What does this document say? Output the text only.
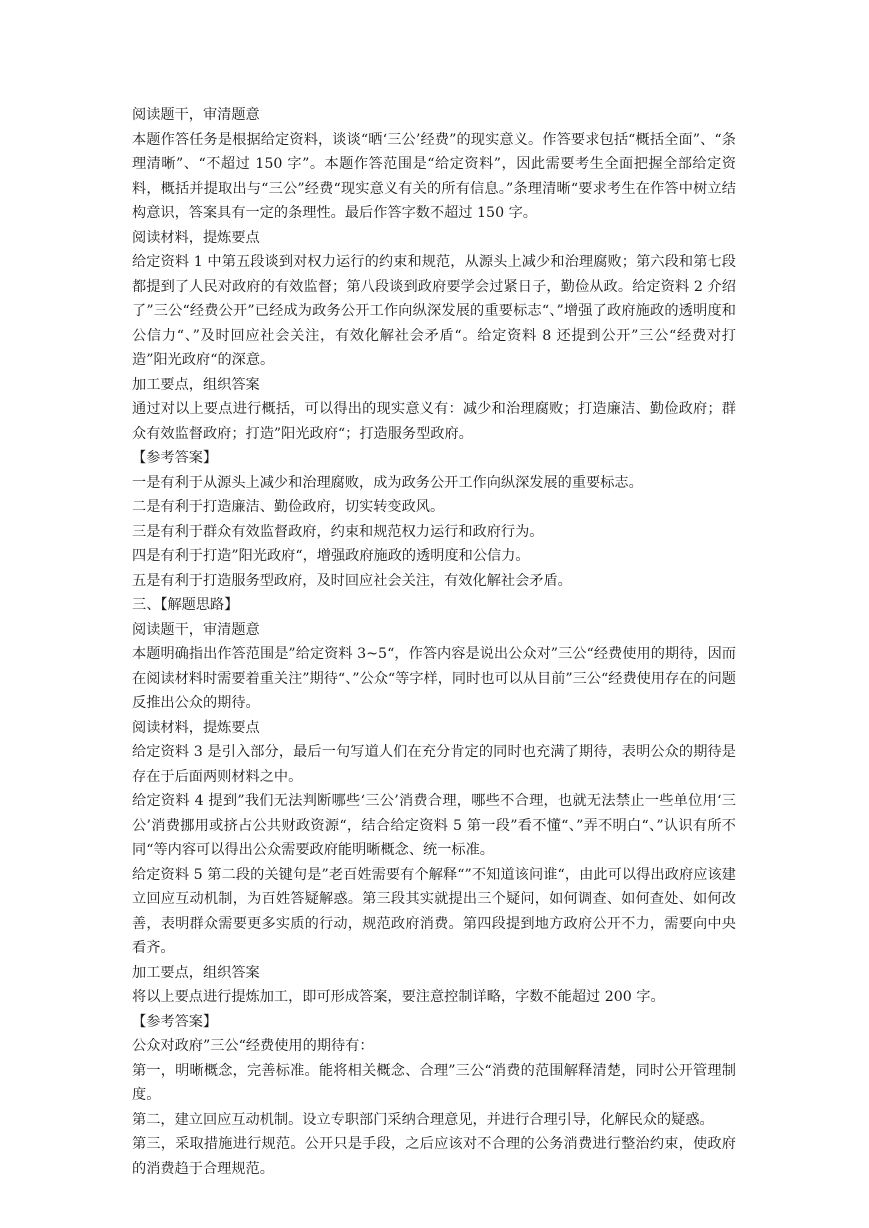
阅读题干，审清题意

本题作答任务是根据给定资料，谈谈“晒‘三公’经费”的现实意义。作答要求包括“概括全面”、“条理清晰”、“不超过 150 字”。本题作答范围是“给定资料”，因此需要考生全面把握全部给定资料，概括并提取出与“三公”经费“现实意义有关的所有信息。”条理清晰“要求考生在作答中树立结构意识，答案具有一定的条理性。最后作答字数不超过 150 字。

阅读材料，提炼要点

给定资料 1 中第五段谈到对权力运行的约束和规范，从源头上减少和治理腐败；第六段和第七段都提到了人民对政府的有效监督；第八段谈到政府要学会过紧日子，勤俭从政。给定资料 2 介绍了”三公“经费公开”已经成为政务公开工作向纵深发展的重要标志“、”增强了政府施政的透明度和公信力“、”及时回应社会关注，有效化解社会矛盾“。给定资料 8 还提到公开”三公“经费对打造”阳光政府“的深意。

加工要点，组织答案

通过对以上要点进行概括，可以得出的现实意义有：减少和治理腐败；打造廉洁、勤俭政府；群众有效监督政府；打造”阳光政府“；打造服务型政府。

【参考答案】

一是有利于从源头上减少和治理腐败，成为政务公开工作向纵深发展的重要标志。

二是有利于打造廉洁、勤俭政府，切实转变政风。

三是有利于群众有效监督政府，约束和规范权力运行和政府行为。

四是有利于打造”阳光政府“，增强政府施政的透明度和公信力。

五是有利于打造服务型政府，及时回应社会关注，有效化解社会矛盾。

三、【解题思路】

阅读题干，审清题意

本题明确指出作答范围是”给定资料 3~5“，作答内容是说出公众对”三公“经费使用的期待，因而在阅读材料时需要着重关注”期待“、”公众“等字样，同时也可以从目前”三公“经费使用存在的问题反推出公众的期待。

阅读材料，提炼要点

给定资料 3 是引入部分，最后一句写道人们在充分肯定的同时也充满了期待，表明公众的期待是存在于后面两则材料之中。

给定资料 4 提到”我们无法判断哪些‘三公’消费合理，哪些不合理，也就无法禁止一些单位用‘三公’消费挪用或挤占公共财政资源“，结合给定资料 5 第一段”看不懂“、”弄不明白“、”认识有所不同“等内容可以得出公众需要政府能明晰概念、统一标准。

给定资料 5 第二段的关键句是”老百姓需要有个解释“”不知道该问谁“，由此可以得出政府应该建立回应互动机制，为百姓答疑解惑。第三段其实就提出三个疑问，如何调查、如何查处、如何改善，表明群众需要更多实质的行动，规范政府消费。第四段提到地方政府公开不力，需要向中央看齐。

加工要点，组织答案

将以上要点进行提炼加工，即可形成答案，要注意控制详略，字数不能超过 200 字。

【参考答案】

公众对政府”三公“经费使用的期待有：

第一，明晰概念，完善标准。能将相关概念、合理”三公“消费的范围解释清楚，同时公开管理制度。

第二，建立回应互动机制。设立专职部门采纳合理意见，并进行合理引导，化解民众的疑惑。

第三，采取措施进行规范。公开只是手段，之后应该对不合理的公务消费进行整治约束，使政府的消费趋于合理规范。
